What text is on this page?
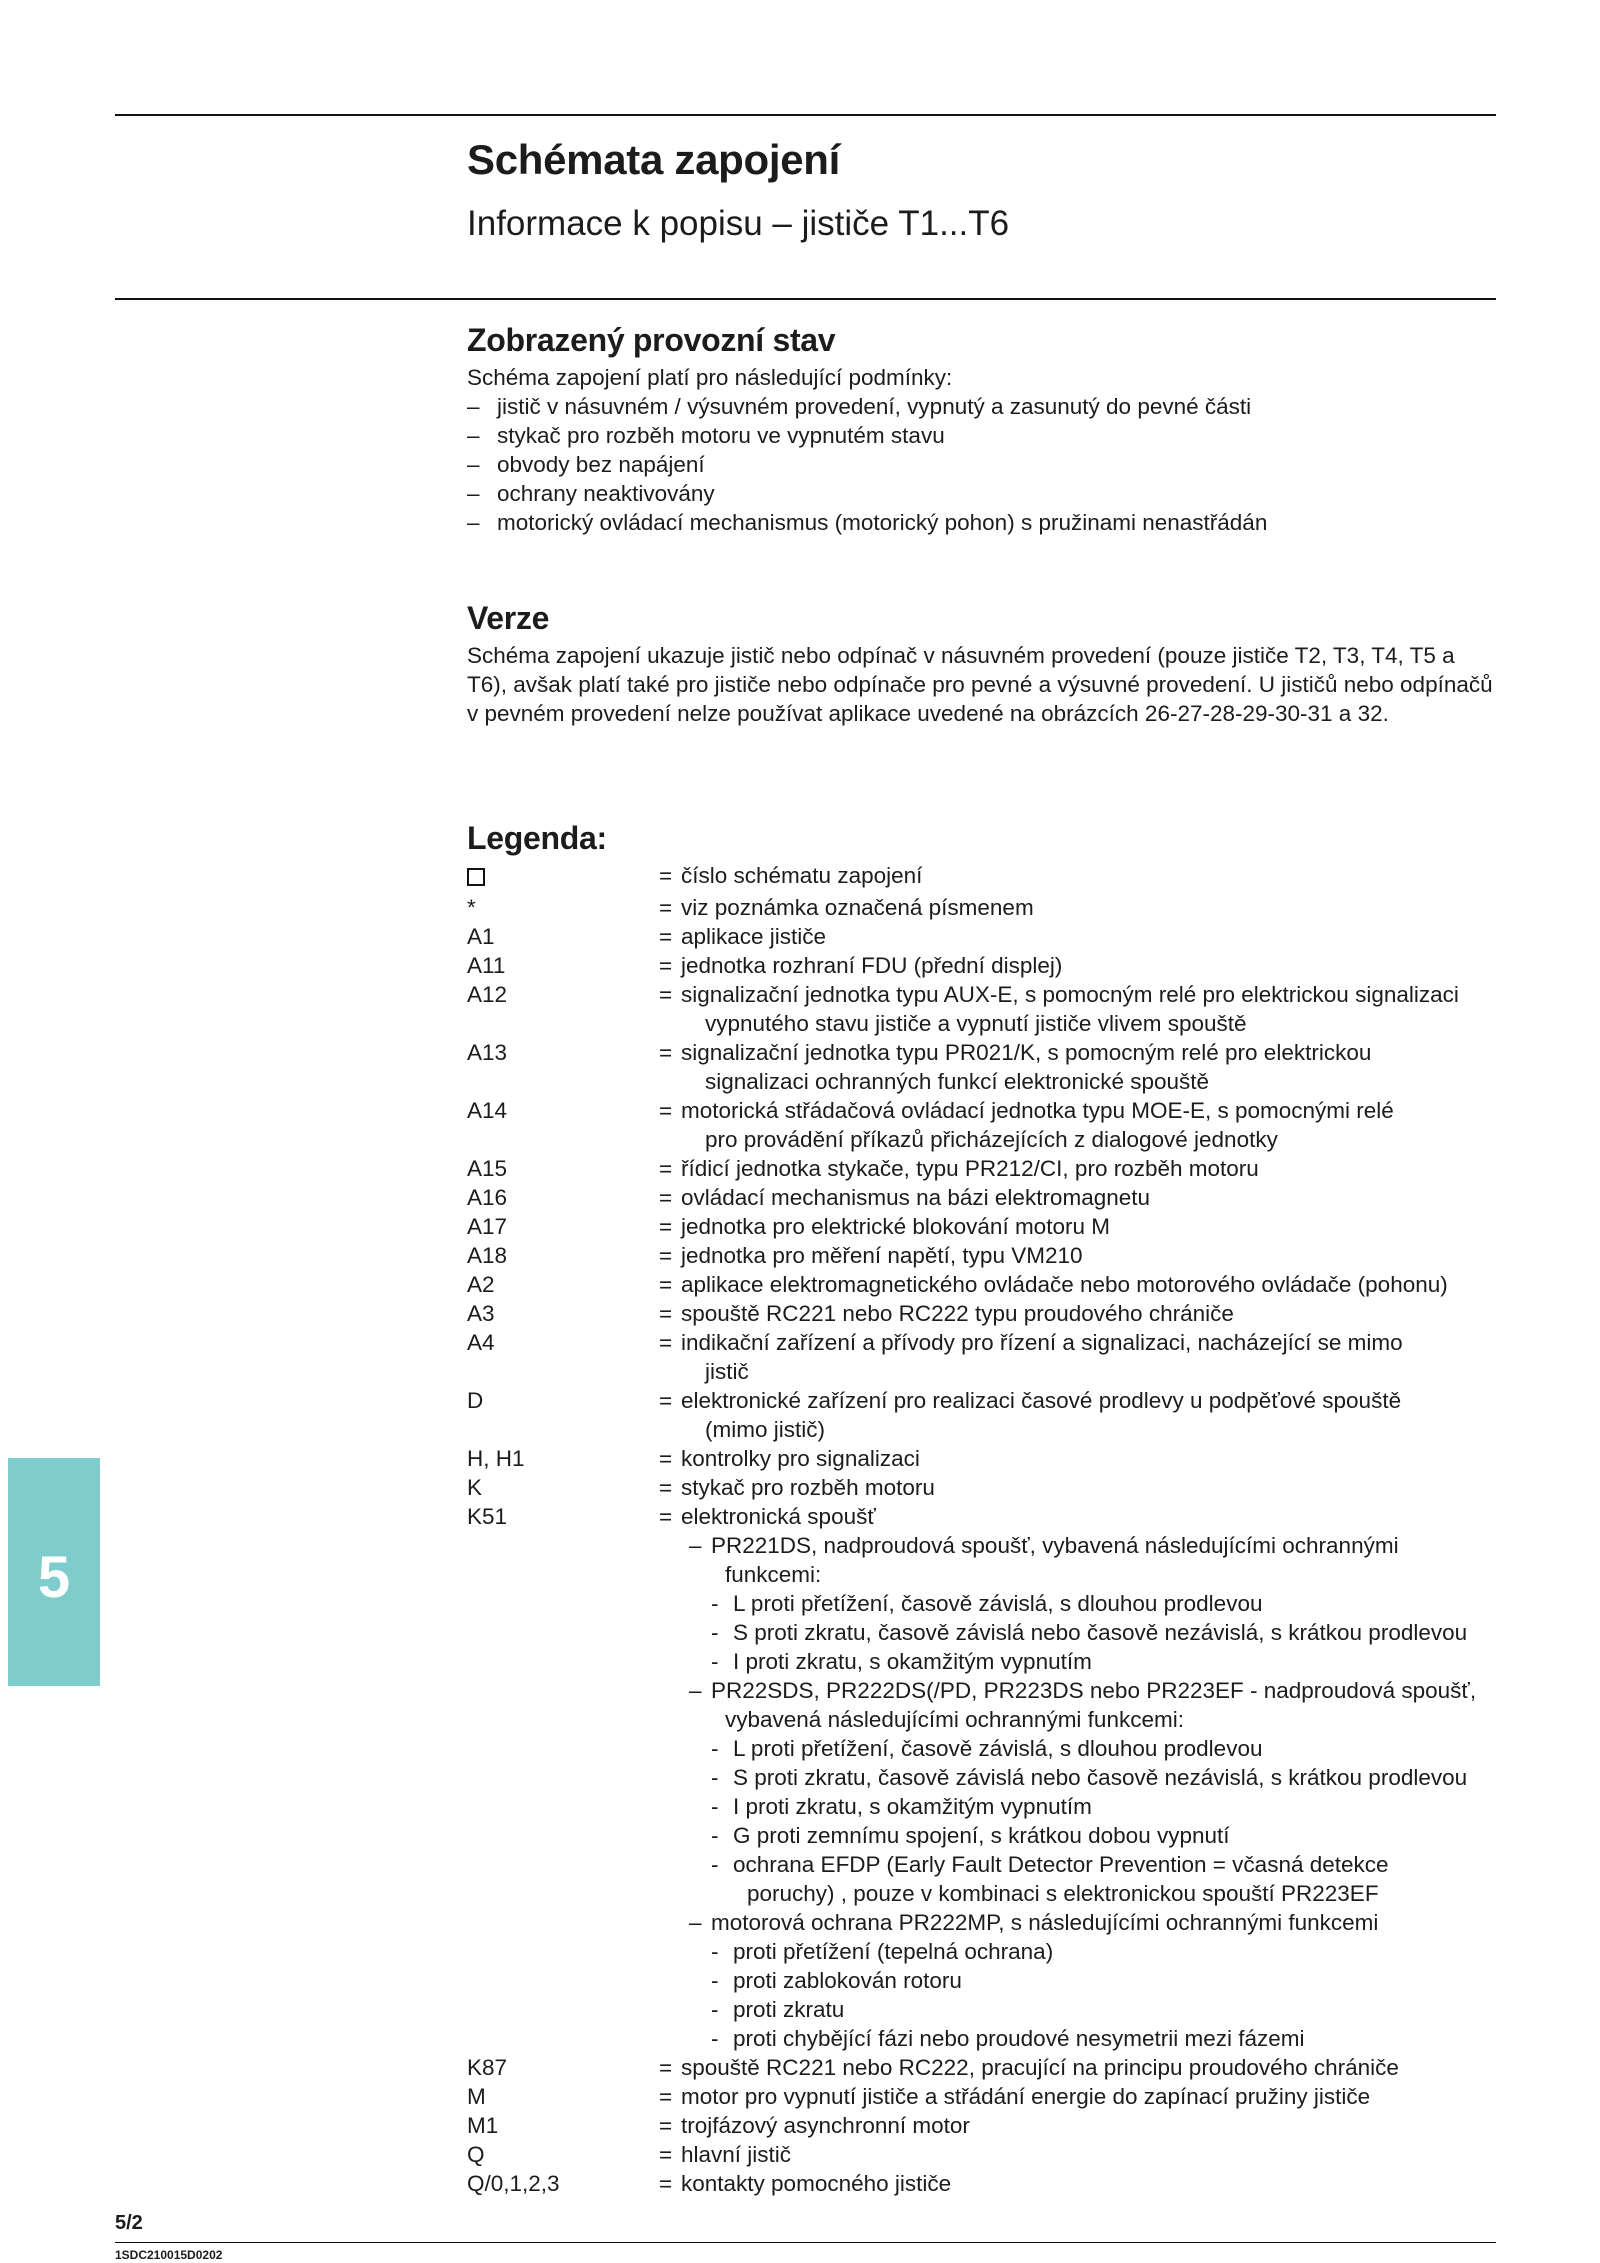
Schémata zapojení
Informace k popisu – jističe T1...T6
Zobrazený provozní stav
Schéma zapojení platí pro následující podmínky:
– jistič v násuvném / výsuvném provedení, vypnutý a zasunutý do pevné části
– stykač pro rozběh motoru ve vypnutém stavu
– obvody bez napájení
– ochrany neaktivovány
– motorický ovládací mechanismus (motorický pohon) s pružinami nenastřádán
Verze
Schéma zapojení ukazuje jistič nebo odpínač v násuvném provedení (pouze jističe T2, T3, T4, T5 a T6), avšak platí také pro jističe nebo odpínače pro pevné a výsuvné provedení. U jističů nebo odpínačů v pevném provedení nelze používat aplikace uvedené na obrázcích 26-27-28-29-30-31 a 32.
Legenda:
= číslo schématu zapojení
*	= viz poznámka označená písmenem
A1	= aplikace jističe
A11	= jednotka rozhraní FDU (přední displej)
A12	= signalizační jednotka typu AUX-E, s pomocným relé pro elektrickou signalizaci
vypnutého stavu jističe a vypnutí jističe vlivem spouště
A13	= signalizační jednotka typu PR021/K, s pomocným relé pro elektrickou
signalizaci ochranných funkcí elektronické spouště
A14	= motorická střádačová ovládací jednotka typu MOE-E, s pomocnými relé
pro provádění příkazů přicházejících z dialogové jednotky
A15	= řídicí jednotka stykače, typu PR212/CI, pro rozběh motoru
A16	= ovládací mechanismus na bázi elektromagnetu
A17	= jednotka pro elektrické blokování motoru M
A18	= jednotka pro měření napětí, typu VM210
A2	= aplikace elektromagnetického ovládače nebo motorového ovládače (pohonu)
A3	= spouště RC221 nebo RC222 typu proudového chrániče
A4	= indikační zařízení a přívody pro řízení a signalizaci, nacházející se mimo
jistič
D	= elektronické zařízení pro realizaci časové prodlevy u podpěťové spouště
(mimo jistič)
H, H1	= kontrolky pro signalizaci
K	= stykač pro rozběh motoru
K51	= elektronická spoušť
– PR221DS, nadproudová spoušť, vybavená následujícími ochrannými
funkcemi:
- L proti přetížení, časově závislá, s dlouhou prodlevou
- S proti zkratu, časově závislá nebo časově nezávislá, s krátkou prodlevou
- I proti zkratu, s okamžitým vypnutím
– PR22SDS, PR222DS(/PD, PR223DS nebo PR223EF - nadproudová spoušť,
vybavená následujícími ochrannými funkcemi:
- L proti přetížení, časově závislá, s dlouhou prodlevou
- S proti zkratu, časově závislá nebo časově nezávislá, s krátkou prodlevou
- I proti zkratu, s okamžitým vypnutím
- G proti zemnímu spojení, s krátkou dobou vypnutí
- ochrana EFDP (Early Fault Detector Prevention = včasná detekce
poruchy) , pouze v kombinaci s elektronickou spouští PR223EF
– motorová ochrana PR222MP, s následujícími ochrannými funkcemi
- proti přetížení (tepelná ochrana)
- proti zablokován rotoru
- proti zkratu
- proti chybějící fázi nebo proudové nesymetrii mezi fázemi
K87	= spouště RC221 nebo RC222, pracující na principu proudového chrániče
M	= motor pro vypnutí jističe a střádání energie do zapínací pružiny jističe
M1	= trojfázový asynchronní motor
Q	= hlavní jistič
Q/0,1,2,3	= kontakty pomocného jističe
5
5/2
1SDC210015D0202
